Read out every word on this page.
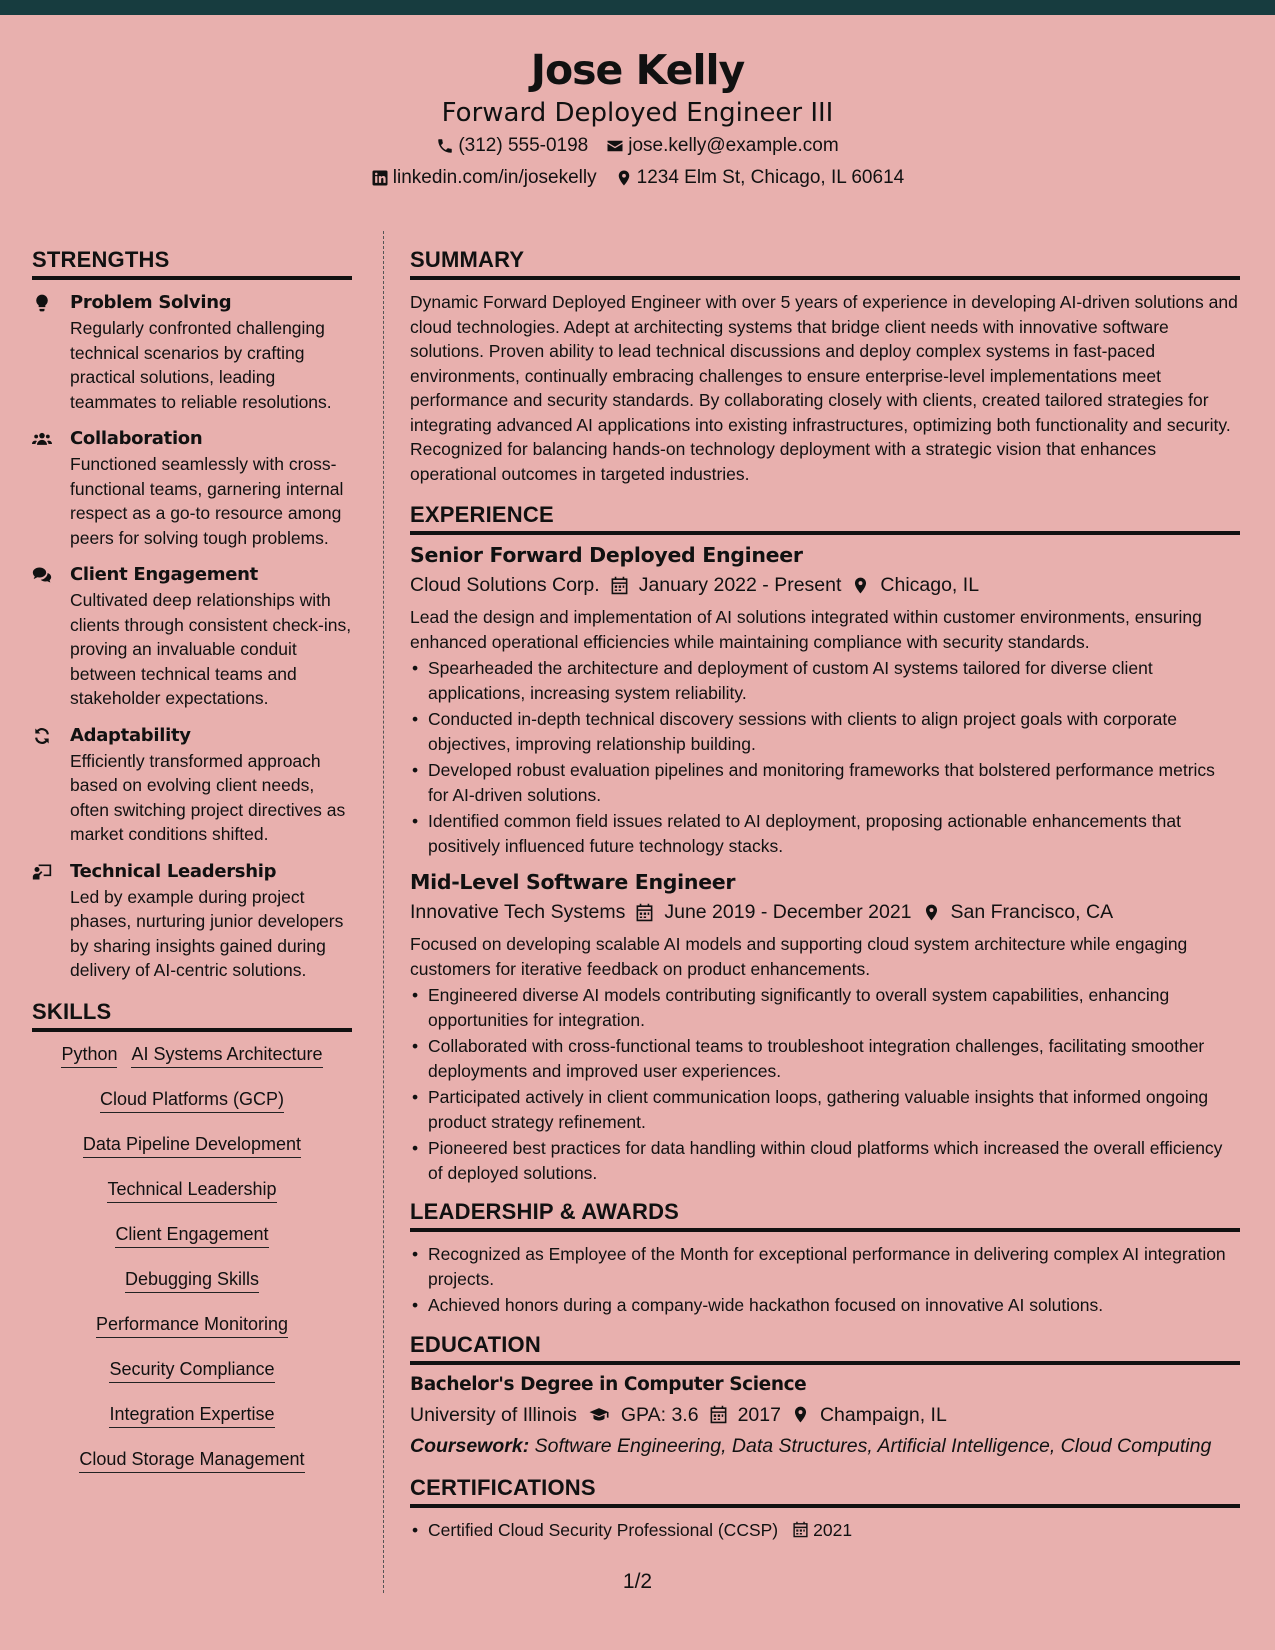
Jose Kelly
Forward Deployed Engineer III
(312) 555-0198 jose.kelly@example.com
linkedin.com/in/josekelly 1234 Elm St, Chicago, IL 60614
STRENGTHS
Problem Solving
Regularly confronted challenging technical scenarios by crafting practical solutions, leading teammates to reliable resolutions.
Collaboration
Functioned seamlessly with cross-functional teams, garnering internal respect as a go-to resource among peers for solving tough problems.
Client Engagement
Cultivated deep relationships with clients through consistent check-ins, proving an invaluable conduit between technical teams and stakeholder expectations.
Adaptability
Efficiently transformed approach based on evolving client needs, often switching project directives as market conditions shifted.
Technical Leadership
Led by example during project phases, nurturing junior developers by sharing insights gained during delivery of AI-centric solutions.
SKILLS
Python AI Systems Architecture
Cloud Platforms (GCP)
Data Pipeline Development
Technical Leadership
Client Engagement
Debugging Skills
Performance Monitoring
Security Compliance
Integration Expertise
Cloud Storage Management
SUMMARY
Dynamic Forward Deployed Engineer with over 5 years of experience in developing AI-driven solutions and cloud technologies. Adept at architecting systems that bridge client needs with innovative software solutions. Proven ability to lead technical discussions and deploy complex systems in fast-paced environments, continually embracing challenges to ensure enterprise-level implementations meet performance and security standards. By collaborating closely with clients, created tailored strategies for integrating advanced AI applications into existing infrastructures, optimizing both functionality and security. Recognized for balancing hands-on technology deployment with a strategic vision that enhances operational outcomes in targeted industries.
EXPERIENCE
Senior Forward Deployed Engineer
Cloud Solutions Corp. January 2022 - Present Chicago, IL
Lead the design and implementation of AI solutions integrated within customer environments, ensuring enhanced operational efficiencies while maintaining compliance with security standards.
• Spearheaded the architecture and deployment of custom AI systems tailored for diverse client applications, increasing system reliability.
• Conducted in-depth technical discovery sessions with clients to align project goals with corporate objectives, improving relationship building.
• Developed robust evaluation pipelines and monitoring frameworks that bolstered performance metrics for AI-driven solutions.
• Identified common field issues related to AI deployment, proposing actionable enhancements that positively influenced future technology stacks.
Mid-Level Software Engineer
Innovative Tech Systems June 2019 - December 2021 San Francisco, CA
Focused on developing scalable AI models and supporting cloud system architecture while engaging customers for iterative feedback on product enhancements.
• Engineered diverse AI models contributing significantly to overall system capabilities, enhancing opportunities for integration.
• Collaborated with cross-functional teams to troubleshoot integration challenges, facilitating smoother deployments and improved user experiences.
• Participated actively in client communication loops, gathering valuable insights that informed ongoing product strategy refinement.
• Pioneered best practices for data handling within cloud platforms which increased the overall efficiency of deployed solutions.
LEADERSHIP & AWARDS
• Recognized as Employee of the Month for exceptional performance in delivering complex AI integration projects.
• Achieved honors during a company-wide hackathon focused on innovative AI solutions.
EDUCATION
Bachelor's Degree in Computer Science
University of Illinois GPA: 3.6 2017 Champaign, IL
Coursework: Software Engineering, Data Structures, Artificial Intelligence, Cloud Computing
CERTIFICATIONS
• Certified Cloud Security Professional (CCSP) 2021
1/2
